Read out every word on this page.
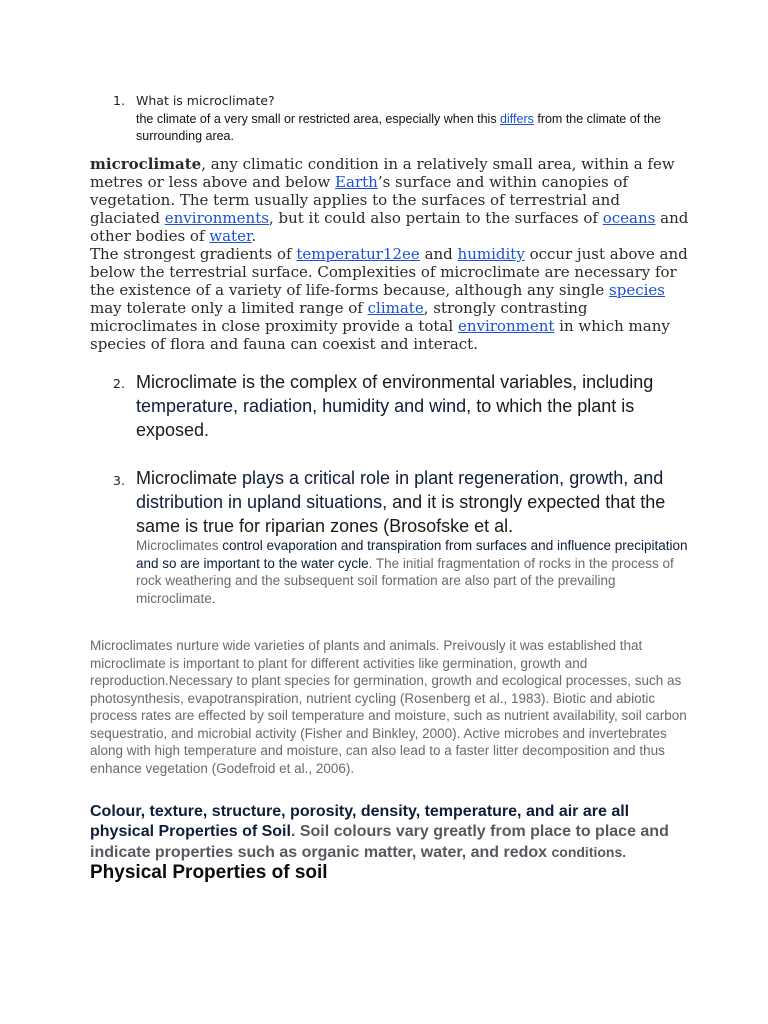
1. What is microclimate?
the climate of a very small or restricted area, especially when this differs from the climate of the surrounding area.
microclimate, any climatic condition in a relatively small area, within a few metres or less above and below Earth’s surface and within canopies of vegetation. The term usually applies to the surfaces of terrestrial and glaciated environments, but it could also pertain to the surfaces of oceans and other bodies of water.
The strongest gradients of temperatur12ee and humidity occur just above and below the terrestrial surface. Complexities of microclimate are necessary for the existence of a variety of life-forms because, although any single species may tolerate only a limited range of climate, strongly contrasting microclimates in close proximity provide a total environment in which many species of flora and fauna can coexist and interact.
2. Microclimate is the complex of environmental variables, including temperature, radiation, humidity and wind, to which the plant is exposed.
3. Microclimate plays a critical role in plant regeneration, growth, and distribution in upland situations, and it is strongly expected that the same is true for riparian zones (Brosofske et al.
Microclimates control evaporation and transpiration from surfaces and influence precipitation and so are important to the water cycle. The initial fragmentation of rocks in the process of rock weathering and the subsequent soil formation are also part of the prevailing microclimate.
Microclimates nurture wide varieties of plants and animals. Preivously it was established that microclimate is important to plant for different activities like germination, growth and reproduction.Necessary to plant species for germination, growth and ecological processes, such as photosynthesis, evapotranspiration, nutrient cycling (Rosenberg et al., 1983). Biotic and abiotic process rates are effected by soil temperature and moisture, such as nutrient availability, soil carbon sequestratio, and microbial activity (Fisher and Binkley, 2000). Active microbes and invertebrates along with high temperature and moisture, can also lead to a faster litter decomposition and thus enhance vegetation (Godefroid et al., 2006).
Colour, texture, structure, porosity, density, temperature, and air are all physical Properties of Soil. Soil colours vary greatly from place to place and indicate properties such as organic matter, water, and redox conditions. Physical Properties of soil
